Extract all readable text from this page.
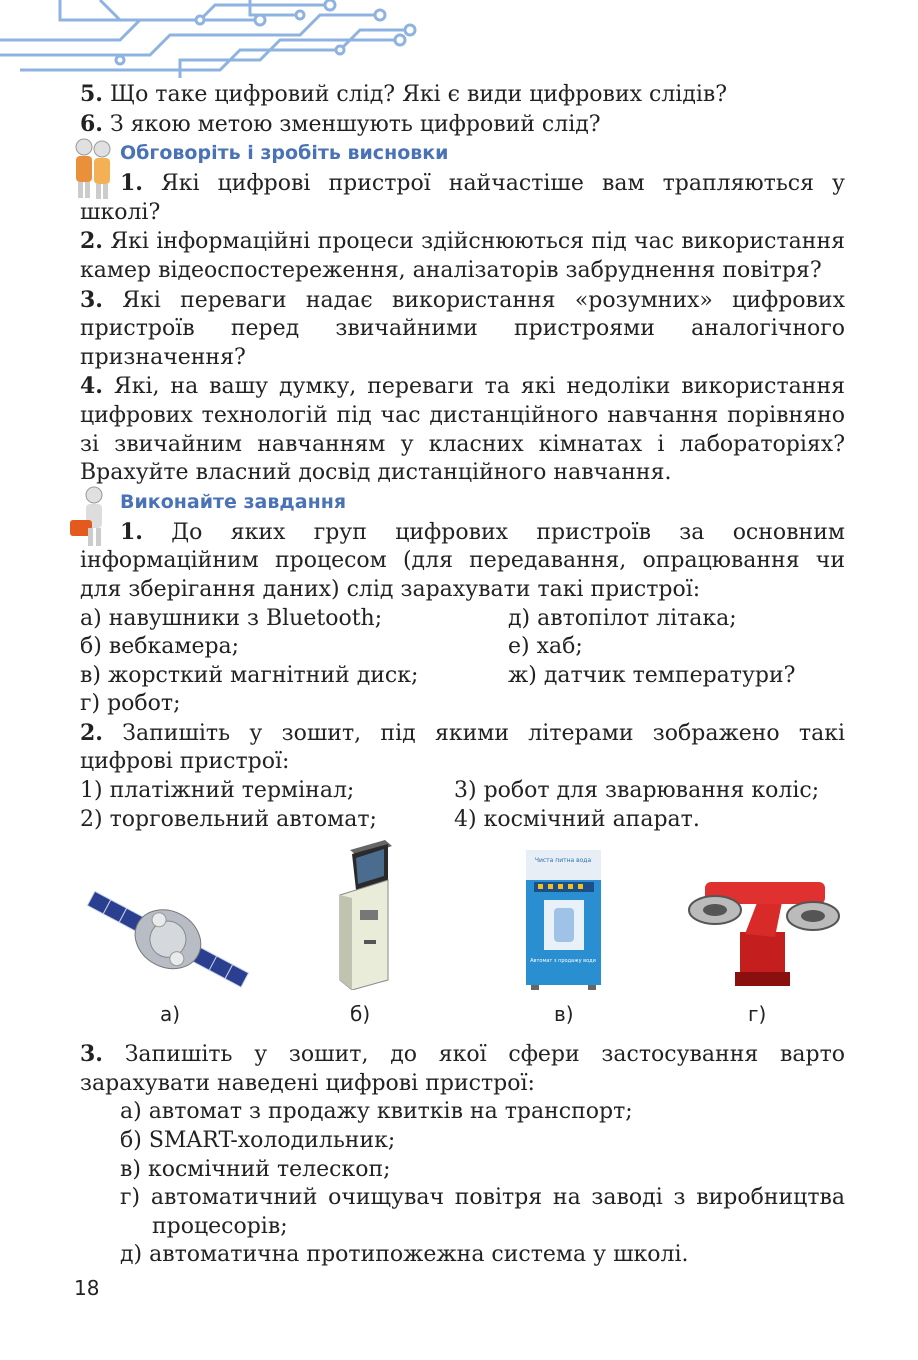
5. Що таке цифровий слід? Які є види цифрових слідів?

6. З якою метою зменшують цифровий слід?

Обговоріть і зробіть висновки

1. Які цифрові пристрої найчастіше вам трапляються у школі?

2. Які інформаційні процеси здійснюються під час використання камер відеоспостереження, аналізаторів забруднення повітря?

3. Які переваги надає використання «розумних» цифрових пристроїв перед звичайними пристроями аналогічного призначення?

4. Які, на вашу думку, переваги та які недоліки використання цифрових технологій під час дистанційного навчання порівняно зі звичайним навчанням у класних кімнатах і лабораторіях? Врахуйте власний досвід дистанційного навчання.

Виконайте завдання

1. До яких груп цифрових пристроїв за основним інформаційним процесом (для передавання, опрацювання чи для зберігання даних) слід зарахувати такі пристрої:

а) навушники з Bluetooth;
б) вебкамера;
в) жорсткий магнітний диск;
г) робот;
д) автопілот літака;
е) хаб;
ж) датчик температури?

2. Запишіть у зошит, під якими літерами зображено такі цифрові пристрої:

1) платіжний термінал;
2) торговельний автомат;
3) робот для зварювання коліс;
4) космічний апарат.
Чиста питна вода
Автомат з продажу води
а)	б)	в)	г)

3. Запишіть у зошит, до якої сфери застосування варто зарахувати наведені цифрові пристрої:

а) автомат з продажу квитків на транспорт;

б) SMART-холодильник;

в) космічний телескоп;

г) автоматичний очищувач повітря на заводі з виробництва процесорів;

д) автоматична протипожежна система у школі.

18
